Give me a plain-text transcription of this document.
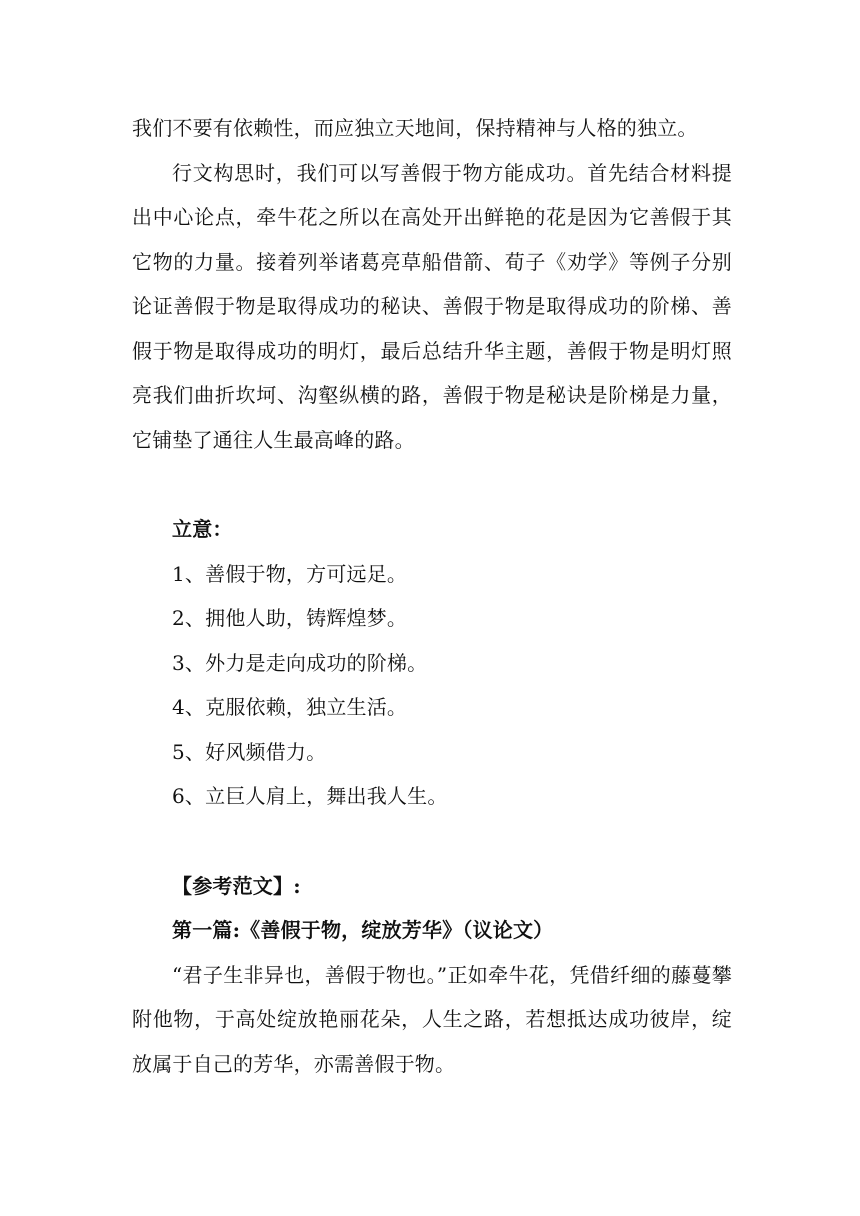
我们不要有依赖性，而应独立天地间，保持精神与人格的独立。

行文构思时，我们可以写善假于物方能成功。首先结合材料提出中心论点，牵牛花之所以在高处开出鲜艳的花是因为它善假于其它物的力量。接着列举诸葛亮草船借箭、荀子《劝学》等例子分别论证善假于物是取得成功的秘诀、善假于物是取得成功的阶梯、善假于物是取得成功的明灯，最后总结升华主题，善假于物是明灯照亮我们曲折坎坷、沟壑纵横的路，善假于物是秘诀是阶梯是力量，它铺垫了通往人生最高峰的路。

立意：

1、善假于物，方可远足。

2、拥他人助，铸辉煌梦。

3、外力是走向成功的阶梯。

4、克服依赖，独立生活。

5、好风频借力。

6、立巨人肩上，舞出我人生。

【参考范文】:

第一篇:《善假于物，绽放芳华》（议论文）

“君子生非异也，善假于物也。”正如牵牛花，凭借纤细的藤蔓攀附他物，于高处绽放艳丽花朵，人生之路，若想抵达成功彼岸，绽放属于自己的芳华，亦需善假于物。
